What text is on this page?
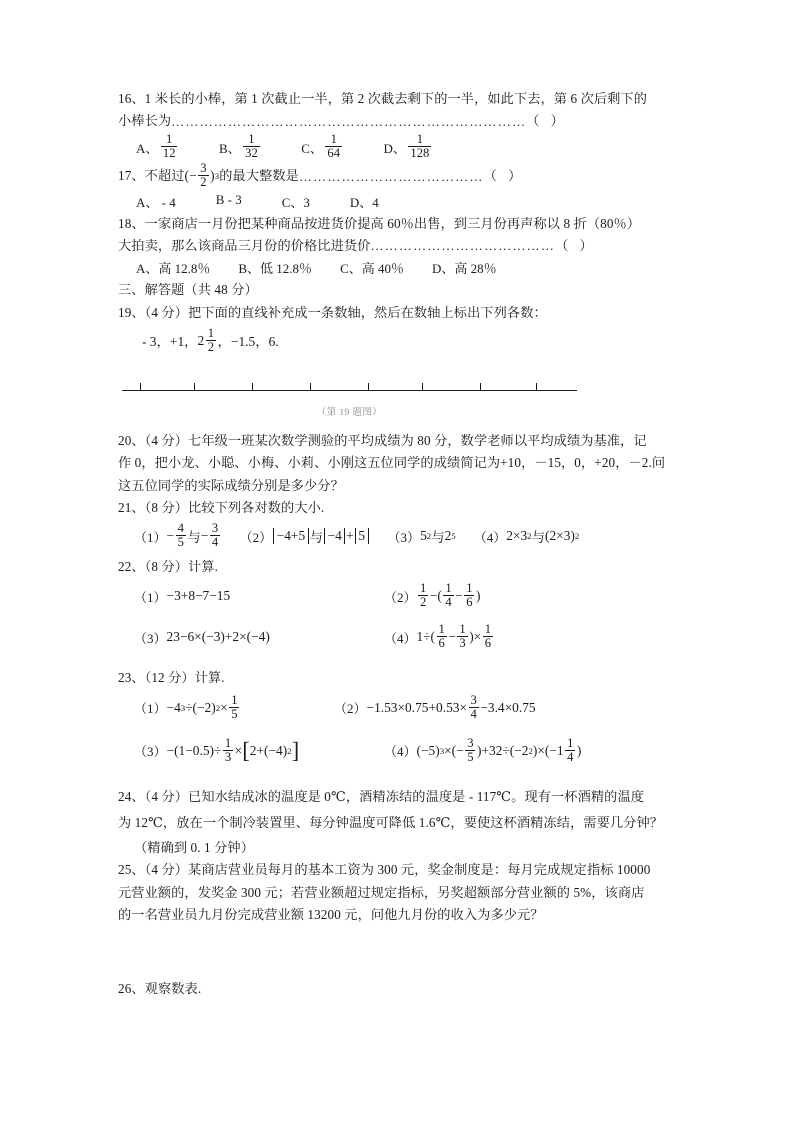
16、1 米长的小棒，第 1 次截止一半，第 2 次截去剩下的一半，如此下去，第 6 次后剩下的
小棒长为…………………………………………………………………（ ）
A、 $\frac{1}{12}$	B、 $\frac{1}{32}$	C、 $\frac{1}{64}$	D、 $\frac{1}{128}$
17、不超过 ( − $\frac{3}{2}$ ) 3 的最大整数是 ………………………………… （ ）
A、 - 4	B - 3	C、3	D、4
18、一家商店一月份把某种商品按进货价提高 60％出售，到三月份再声称以 8 折（80％）
大拍卖，那么该商品三月份的价格比进货价…………………………………（ ）
A、高 12.8％ B、低 12.8％ C、高 40％ D、高 28％
三、解答题（共 48 分）
19、（4 分）把下面的直线补充成一条数轴，然后在数轴上标出下列各数：
- 3，+1， $2 \frac{1}{2}$ ，−1.5，6.
（第 19 题图）
20、（4 分）七年级一班某次数学测验的平均成绩为 80 分，数学老师以平均成绩为基准，记
作 0，把小龙、小聪、小梅、小莉、小刚这五位同学的成绩简记为+10，－15，0，+20，－2.问
这五位同学的实际成绩分别是多少分？
21、（8 分）比较下列各对数的大小.
$(1) - \frac{4}{5}$ 与 − $\frac{3}{4} (2) -4+5$ 与 −4 + 5 （3） 5 2 与 2 5 （4） 2×3 2 与 (2×3) 2
22、（8 分）计算.
（1） −3+8−7−15	$(2) \frac{1}{2}$ −( $\frac{1}{4} - \frac{1}{6}$ )
（3） 23−6×(−3)+2×(−4)	（4） $1\div( \frac{1}{6} - \frac{1}{3}$ )× $\frac{1}{6}$
23、（12 分）计算.
（1） −4 3 ÷(−2) $2 \times \frac{1}{5}$	$(2) -1.53\times 0.75+0.53\times \frac{3}{4} -3.4\times 0.75$
$(3) -(1-0.5)\div \frac{1}{3}$ × [ 2+(−4) 2 ]	（4） (−5) 3 ×(− $\frac{3}{5} )+32\div(-2$ 2 )$\times(-1 \frac{1}{4}$ )
24、（4 分）已知水结成冰的温度是 0℃，酒精冻结的温度是 - 117℃。现有一杯酒精的温度
为 12℃，放在一个制冷装置里、每分钟温度可降低 1.6℃，要使这杯酒精冻结，需要几分钟？
（精确到 0. 1 分钟）
25、（4 分）某商店营业员每月的基本工资为 300 元，奖金制度是：每月完成规定指标 10000
元营业额的，发奖金 300 元；若营业额超过规定指标，另奖超额部分营业额的 5%，该商店
的一名营业员九月份完成营业额 13200 元，问他九月份的收入为多少元？
26、观察数表.
